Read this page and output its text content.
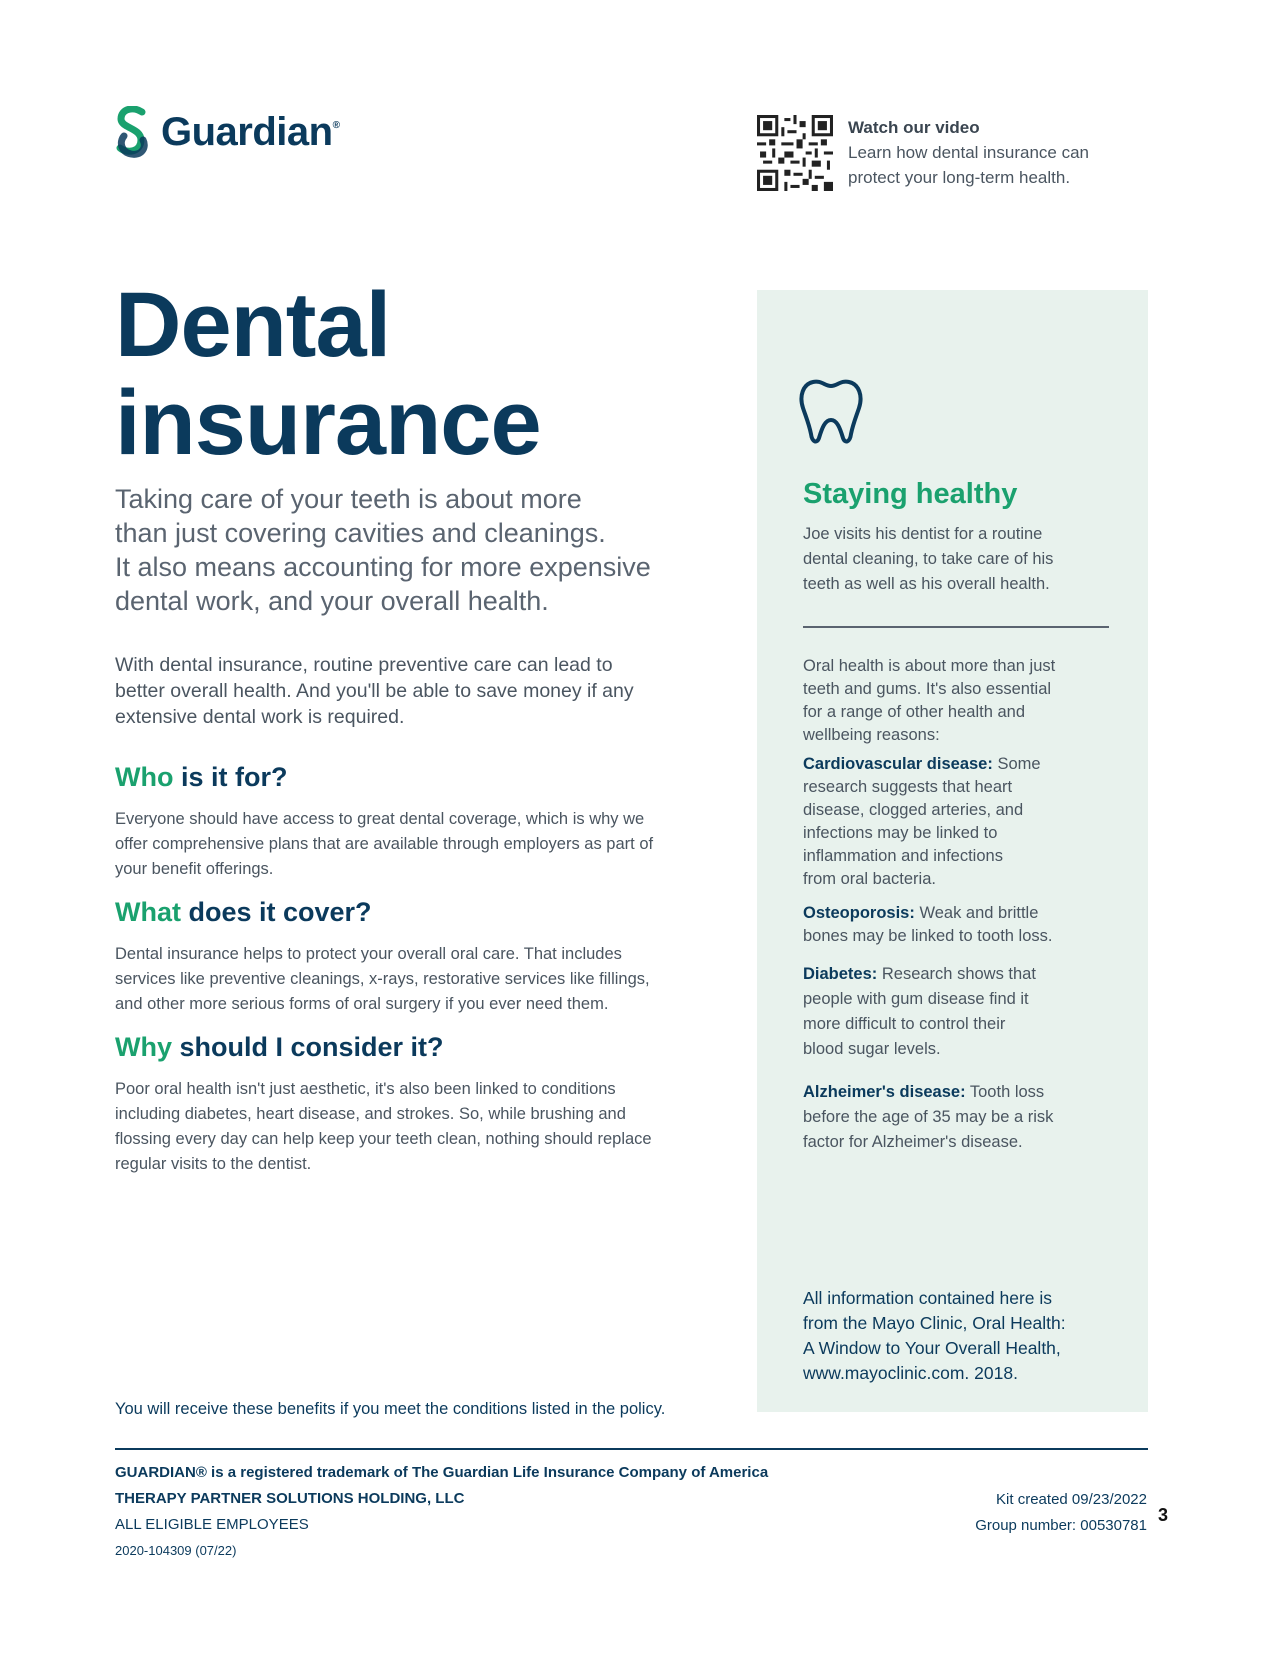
Guardian®	Watch our video
Learn how dental insurance can
protect your long-term health.
Dental
insurance
Taking care of your teeth is about more
than just covering cavities and cleanings.
It also means accounting for more expensive
dental work, and your overall health.
With dental insurance, routine preventive care can lead to
better overall health. And you'll be able to save money if any
extensive dental work is required.
Who is it for?
Everyone should have access to great dental coverage, which is why we
offer comprehensive plans that are available through employers as part of
your benefit offerings.
What does it cover?
Dental insurance helps to protect your overall oral care. That includes
services like preventive cleanings, x-rays, restorative services like fillings,
and other more serious forms of oral surgery if you ever need them.
Why should I consider it?
Poor oral health isn't just aesthetic, it's also been linked to conditions
including diabetes, heart disease, and strokes. So, while brushing and
flossing every day can help keep your teeth clean, nothing should replace
regular visits to the dentist.
You will receive these benefits if you meet the conditions listed in the policy.
Staying healthy
Joe visits his dentist for a routine
dental cleaning, to take care of his
teeth as well as his overall health.
Oral health is about more than just
teeth and gums. It's also essential
for a range of other health and
wellbeing reasons:
Cardiovascular disease: Some
research suggests that heart
disease, clogged arteries, and
infections may be linked to
inflammation and infections
from oral bacteria.
Osteoporosis: Weak and brittle
bones may be linked to tooth loss.
Diabetes: Research shows that
people with gum disease find it
more difficult to control their
blood sugar levels.
Alzheimer's disease: Tooth loss
before the age of 35 may be a risk
factor for Alzheimer's disease.
All information contained here is
from the Mayo Clinic, Oral Health:
A Window to Your Overall Health,
www.mayoclinic.com. 2018.
GUARDIAN® is a registered trademark of The Guardian Life Insurance Company of America
THERAPY PARTNER SOLUTIONS HOLDING, LLC
ALL ELIGIBLE EMPLOYEES
2020-104309 (07/22)
Kit created 09/23/2022
Group number: 00530781
3
